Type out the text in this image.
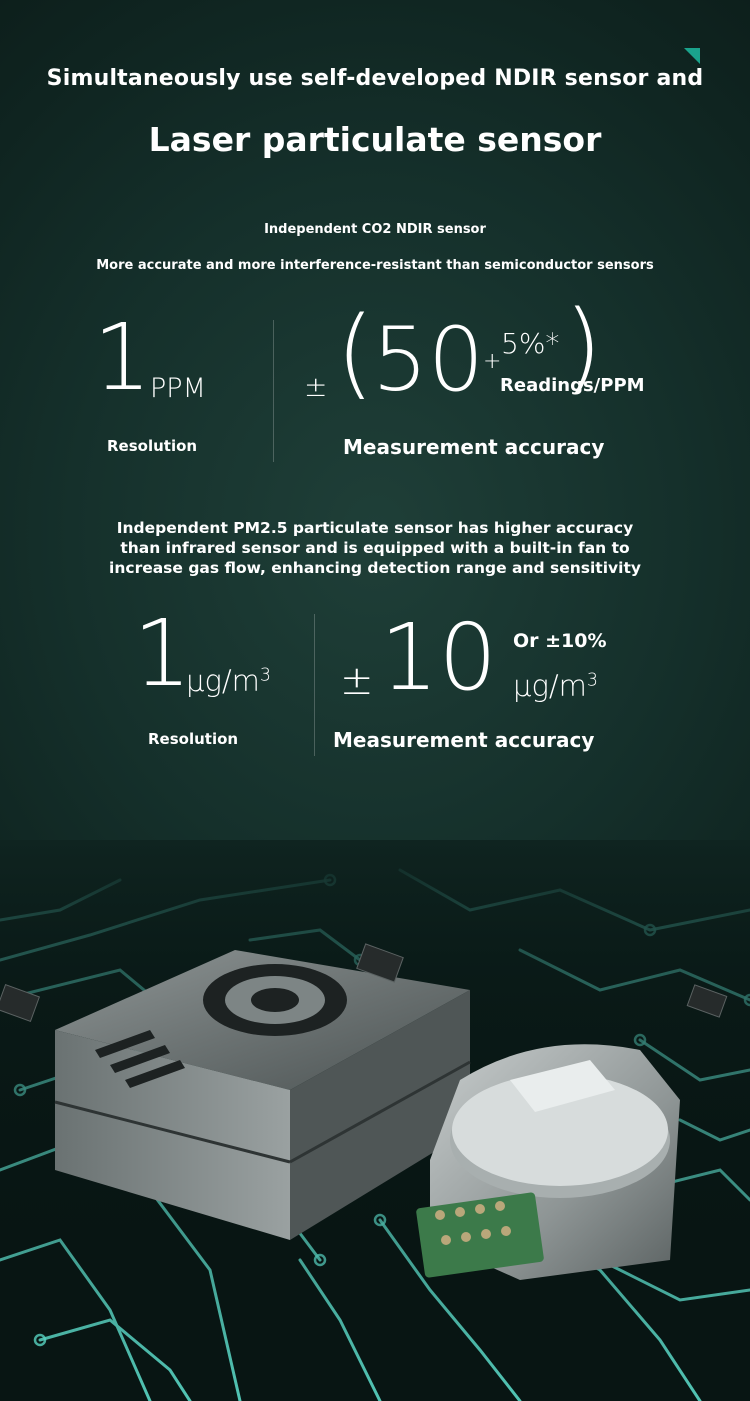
Simultaneously use self-developed NDIR sensor and
Laser particulate sensor
Independent CO2 NDIR sensor
More accurate and more interference-resistant than semiconductor sensors
1
PPM
Resolution
± (
50 +
5%* )
Readings/PPM
Measurement accuracy
Independent PM2.5 particulate sensor has higher accuracy
than infrared sensor and is equipped with a built-in fan to
increase gas flow, enhancing detection range and sensitivity
1
$\mu g/m^3$
Resolution
± 10 Or ±10%
$\mu g/m^3$
Measurement accuracy
